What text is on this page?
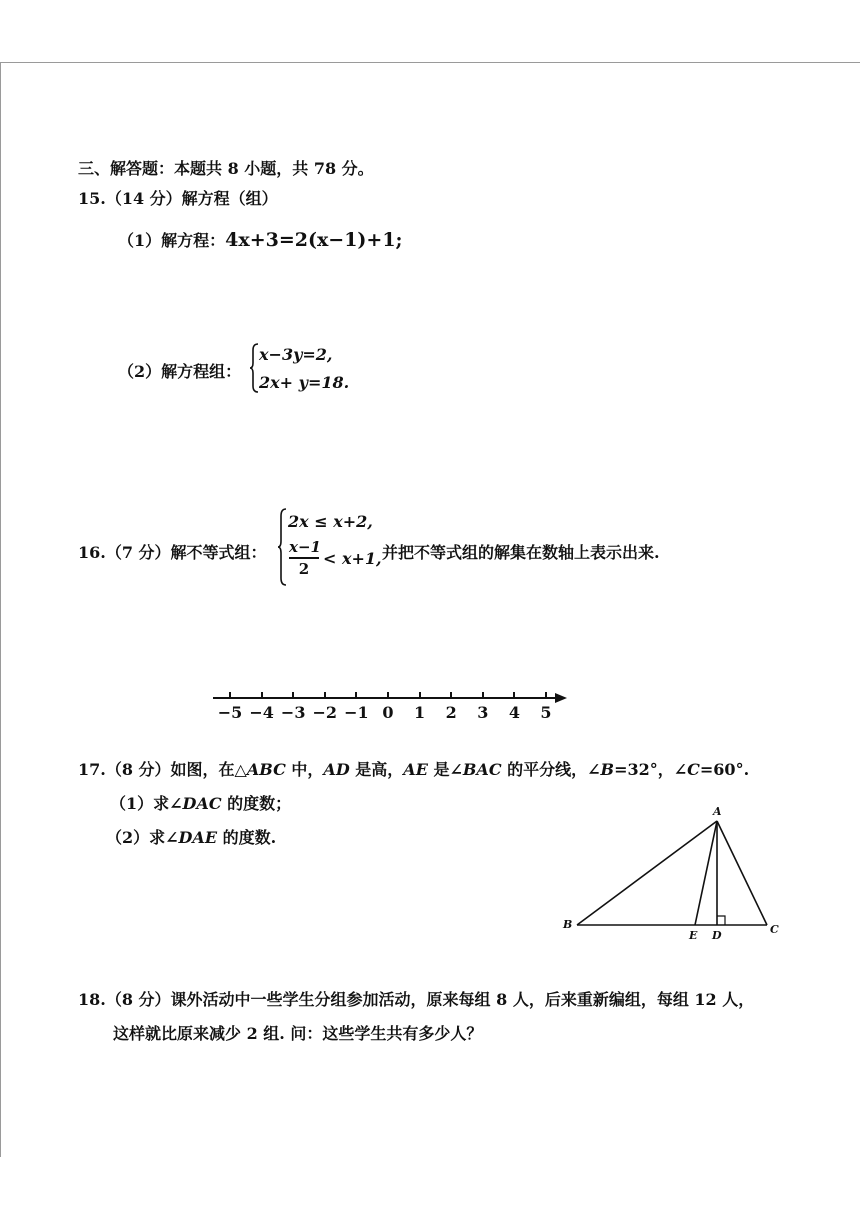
三、解答题：本题共 8 小题，共 78 分。
15.（14 分）解方程（组）
（1）解方程：4x+3=2(x−1)+1;
（2）解方程组：
x−3y=2,
2x+ y=18.
16.（7 分）解不等式组：
2x ≤ x+2,
x−1
2
< x+1, 并把不等式组的解集在数轴上表示出来.
−5 −4 −3 −2 −1 0	1	2	3	4	5
17.（8 分）如图，在△ABC 中，AD 是高，AE 是∠BAC 的平分线，∠B=32°，∠C=60°.
（1）求∠DAC 的度数；
（2）求∠DAE 的度数.
A
B	C
E D
18.（8 分）课外活动中一些学生分组参加活动，原来每组 8 人，后来重新编组，每组 12 人，
这样就比原来减少 2 组. 问：这些学生共有多少人？
